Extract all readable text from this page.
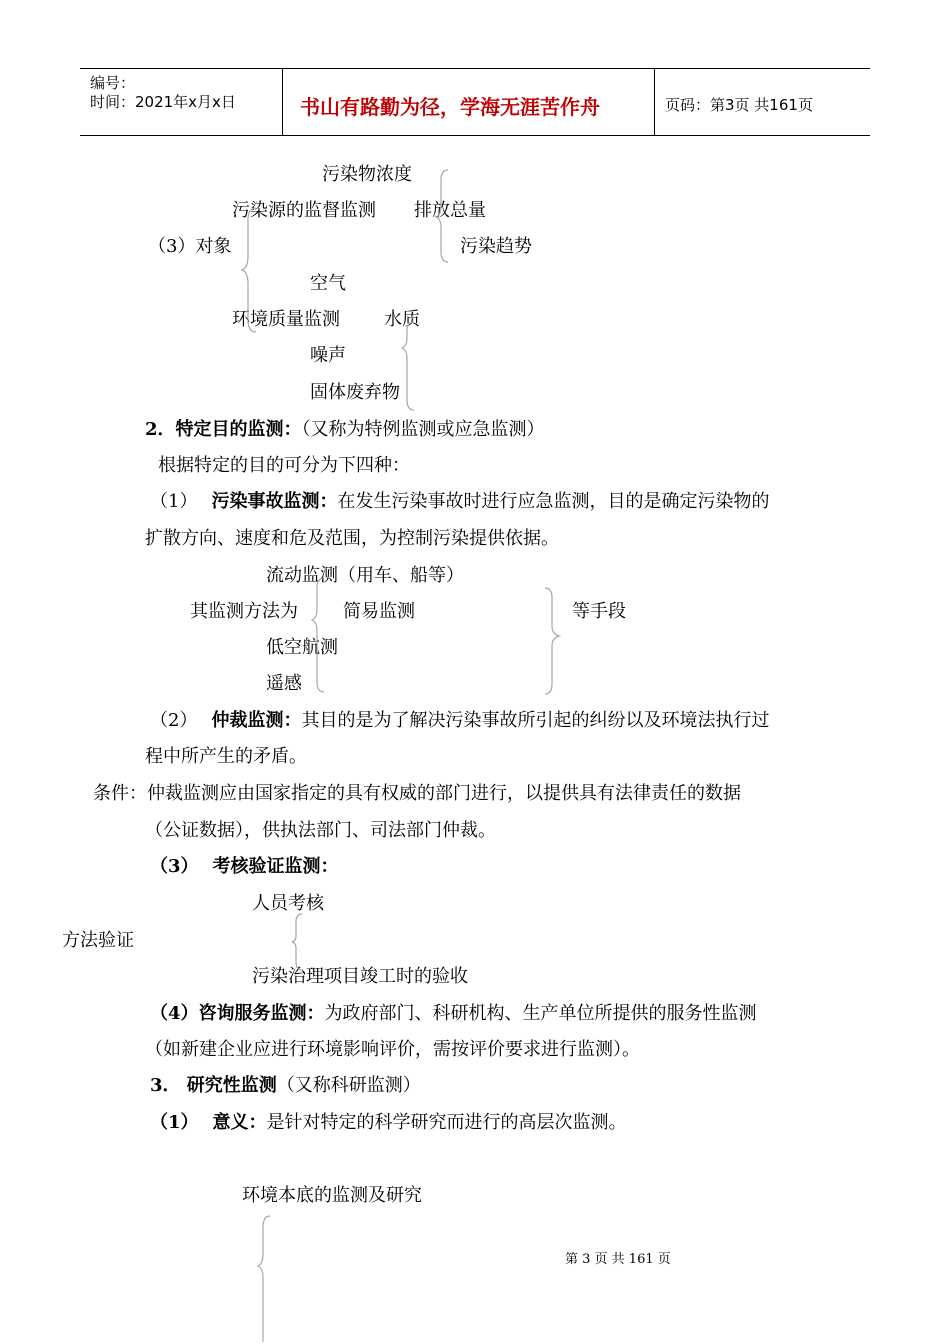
编号：
时间：2021年x月x日	书山有路勤为径，学海无涯苦作舟	页码：第3页 共161页
污染物浓度
污染源的监督监测 排放总量
（3）对象	污染趋势
空气
环境质量监测 水质
噪声
固体废弃物
2．特定目的监测：（又称为特例监测或应急监测）
根据特定的目的可分为下四种：
（1） 污染事故监测：在发生污染事故时进行应急监测，目的是确定污染物的
扩散方向、速度和危及范围，为控制污染提供依据。
流动监测（用车、船等）
其监测方法为	简易监测	等手段
低空航测
遥感
（2） 仲裁监测：其目的是为了解决污染事故所引起的纠纷以及环境法执行过
程中所产生的矛盾。
条件：仲裁监测应由国家指定的具有权威的部门进行，以提供具有法律责任的数据
（公证数据），供执法部门、司法部门仲裁。
（3） 考核验证监测：
人员考核
方法验证
污染治理项目竣工时的验收
（4）咨询服务监测：为政府部门、科研机构、生产单位所提供的服务性监测
（如新建企业应进行环境影响评价，需按评价要求进行监测）。
3． 研究性监测（又称科研监测）
（1） 意义：是针对特定的科学研究而进行的高层次监测。
环境本底的监测及研究
第 3 页 共 161 页
